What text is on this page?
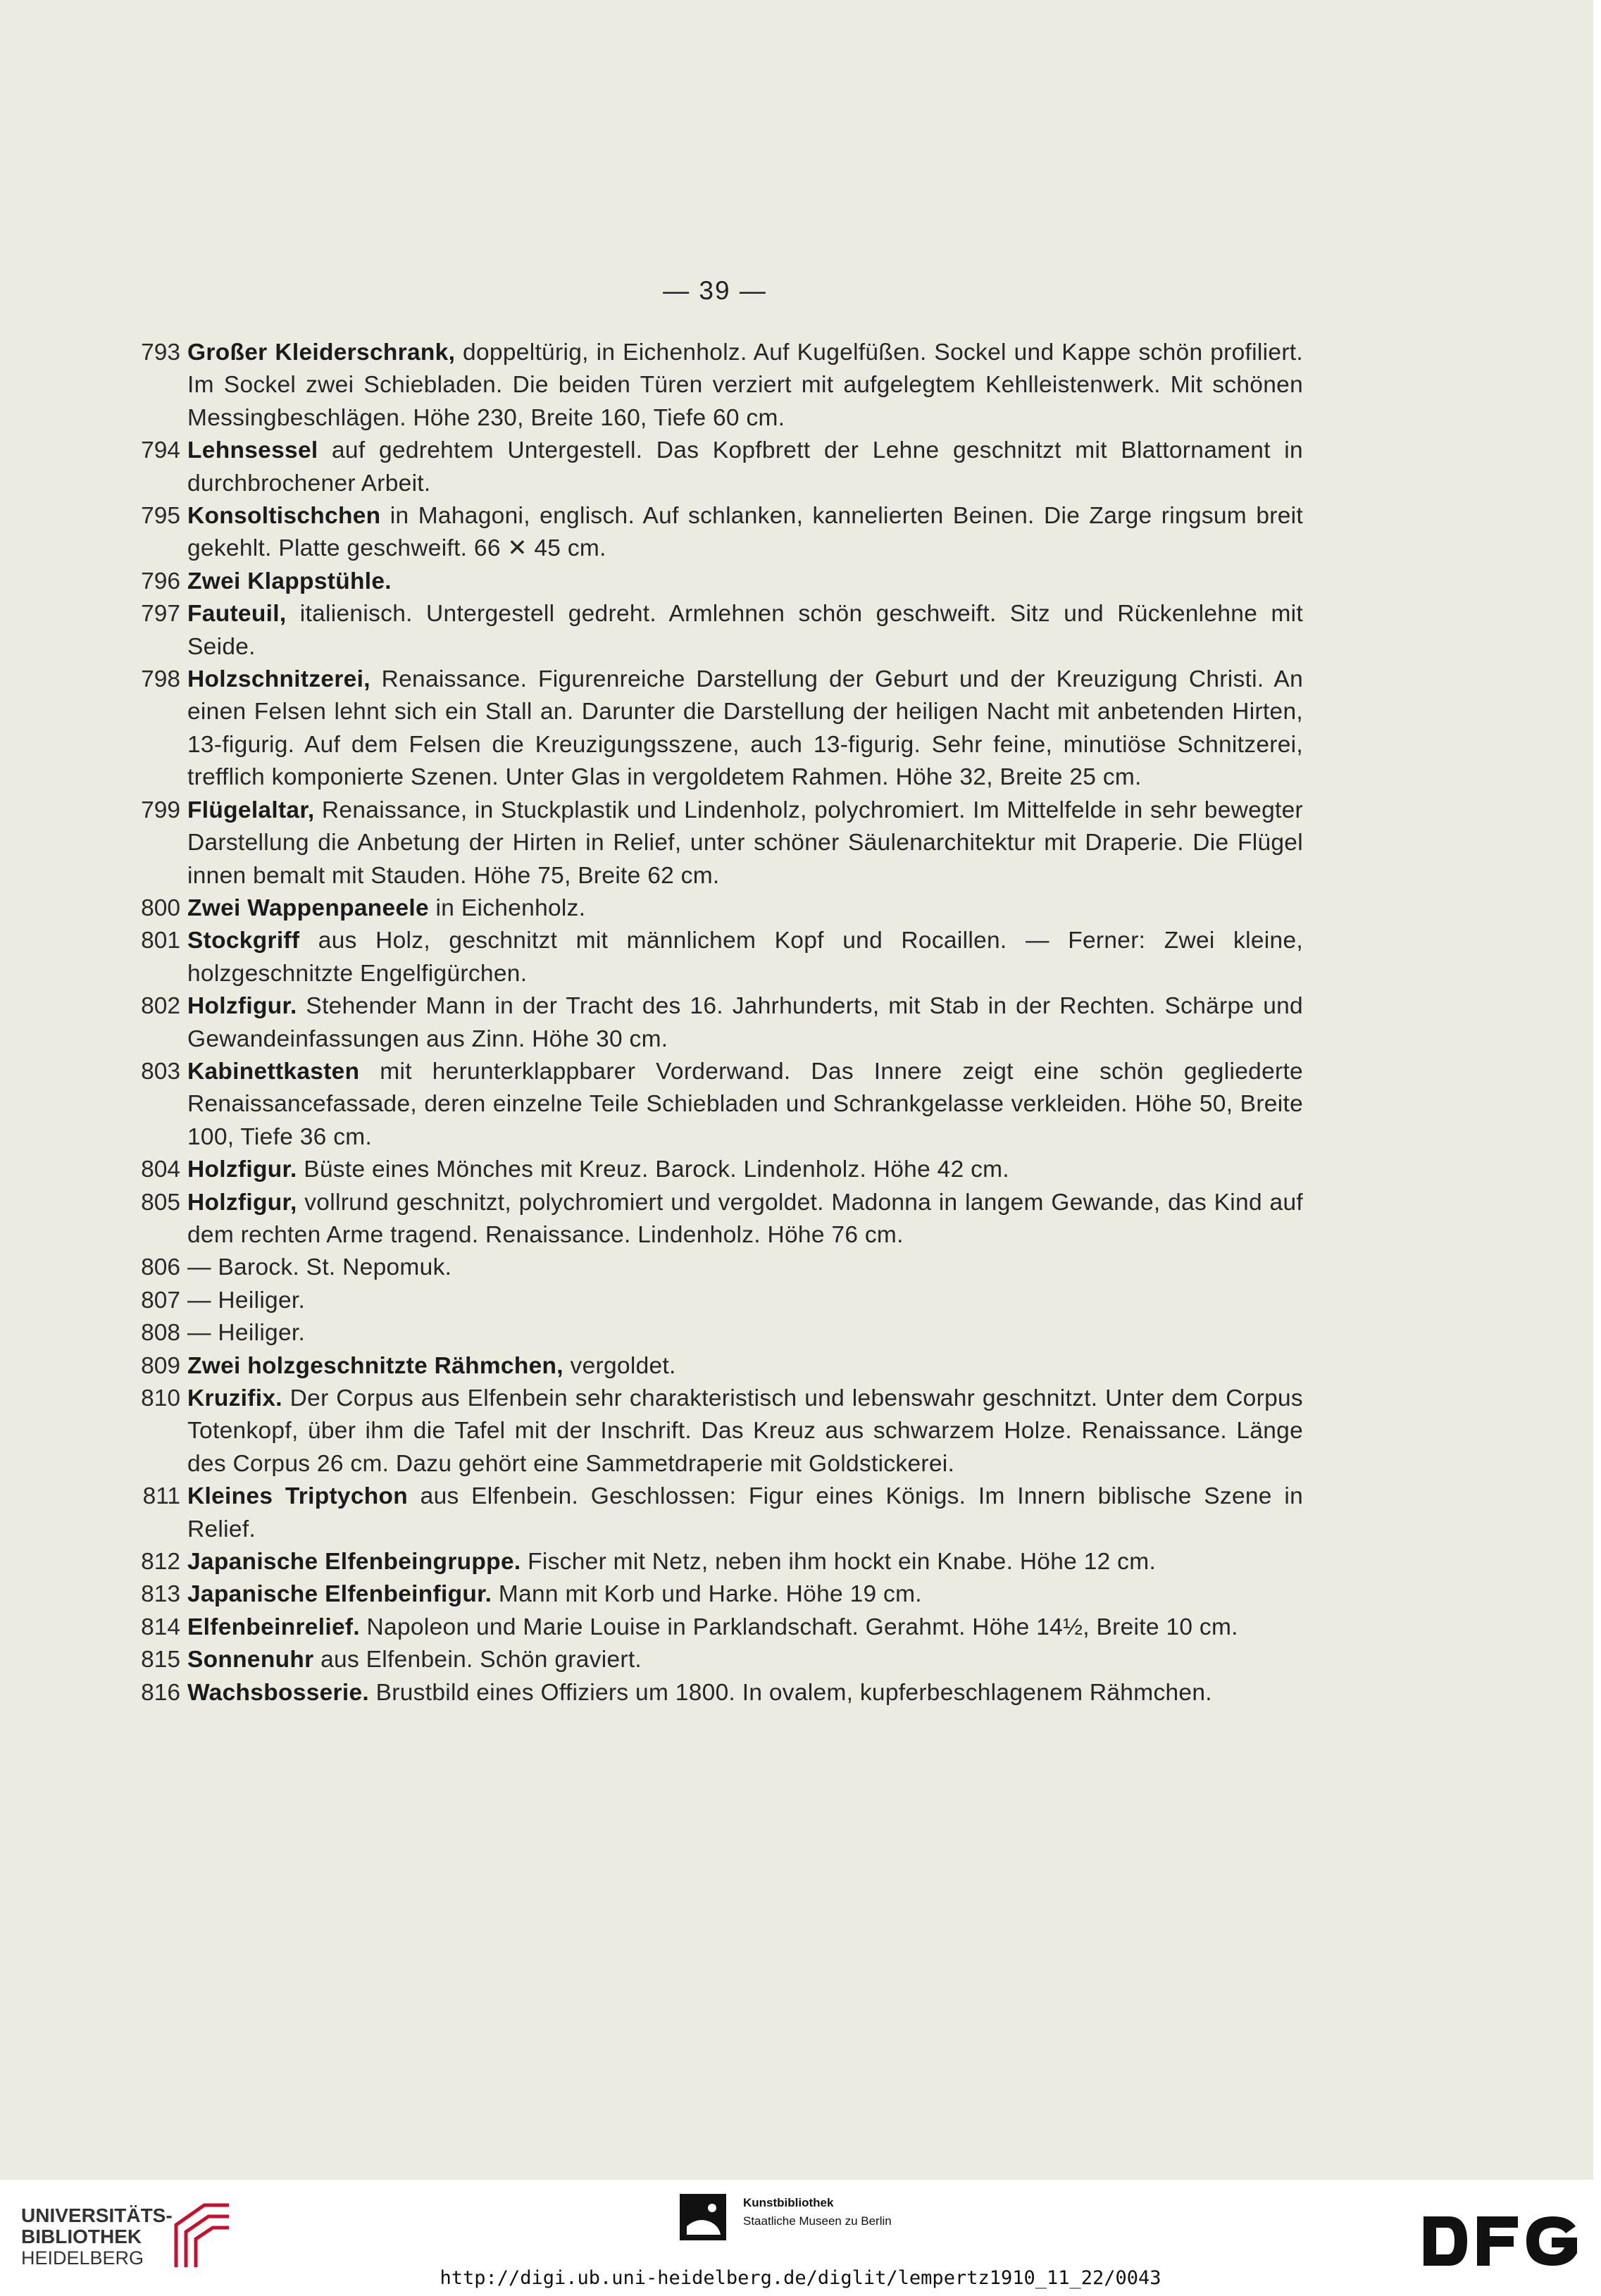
— 39 —
793 Großer Kleiderschrank, doppeltürig, in Eichenholz. Auf Kugelfüßen. Sockel und Kappe schön profiliert. Im Sockel zwei Schiebladen. Die beiden Türen verziert mit aufgelegtem Kehlleistenwerk. Mit schönen Messingbeschlägen. Höhe 230, Breite 160, Tiefe 60 cm.
794 Lehnsessel auf gedrehtem Untergestell. Das Kopfbrett der Lehne geschnitzt mit Blattornament in durchbrochener Arbeit.
795 Konsoltischchen in Mahagoni, englisch. Auf schlanken, kannelierten Beinen. Die Zarge ringsum breit gekehlt. Platte geschweift. 66 ✕ 45 cm.
796 Zwei Klappstühle.
797 Fauteuil, italienisch. Untergestell gedreht. Armlehnen schön geschweift. Sitz und Rückenlehne mit Seide.
798 Holzschnitzerei, Renaissance. Figurenreiche Darstellung der Geburt und der Kreuzigung Christi. An einen Felsen lehnt sich ein Stall an. Darunter die Darstellung der heiligen Nacht mit anbetenden Hirten, 13-figurig. Auf dem Felsen die Kreuzigungsszene, auch 13-figurig. Sehr feine, minutiöse Schnitzerei, trefflich komponierte Szenen. Unter Glas in vergoldetem Rahmen. Höhe 32, Breite 25 cm.
799 Flügelaltar, Renaissance, in Stuckplastik und Lindenholz, polychromiert. Im Mittelfelde in sehr bewegter Darstellung die Anbetung der Hirten in Relief, unter schöner Säulenarchitektur mit Draperie. Die Flügel innen bemalt mit Stauden. Höhe 75, Breite 62 cm.
800 Zwei Wappenpaneele in Eichenholz.
801 Stockgriff aus Holz, geschnitzt mit männlichem Kopf und Rocaillen. — Ferner: Zwei kleine, holzgeschnitzte Engelfigürchen.
802 Holzfigur. Stehender Mann in der Tracht des 16. Jahrhunderts, mit Stab in der Rechten. Schärpe und Gewandeinfassungen aus Zinn. Höhe 30 cm.
803 Kabinettkasten mit herunterklappbarer Vorderwand. Das Innere zeigt eine schön gegliederte Renaissancefassade, deren einzelne Teile Schiebladen und Schrankgelasse verkleiden. Höhe 50, Breite 100, Tiefe 36 cm.
804 Holzfigur. Büste eines Mönches mit Kreuz. Barock. Lindenholz. Höhe 42 cm.
805 Holzfigur, vollrund geschnitzt, polychromiert und vergoldet. Madonna in langem Gewande, das Kind auf dem rechten Arme tragend. Renaissance. Lindenholz. Höhe 76 cm.
806 — Barock. St. Nepomuk.
807 — Heiliger.
808 — Heiliger.
809 Zwei holzgeschnitzte Rähmchen, vergoldet.
810 Kruzifix. Der Corpus aus Elfenbein sehr charakteristisch und lebenswahr geschnitzt. Unter dem Corpus Totenkopf, über ihm die Tafel mit der Inschrift. Das Kreuz aus schwarzem Holze. Renaissance. Länge des Corpus 26 cm. Dazu gehört eine Sammetdraperie mit Goldstickerei.
811 Kleines Triptychon aus Elfenbein. Geschlossen: Figur eines Königs. Im Innern biblische Szene in Relief.
812 Japanische Elfenbeingruppe. Fischer mit Netz, neben ihm hockt ein Knabe. Höhe 12 cm.
813 Japanische Elfenbeinfigur. Mann mit Korb und Harke. Höhe 19 cm.
814 Elfenbeinrelief. Napoleon und Marie Louise in Parklandschaft. Gerahmt. Höhe 14½, Breite 10 cm.
815 Sonnenuhr aus Elfenbein. Schön graviert.
816 Wachsbosserie. Brustbild eines Offiziers um 1800. In ovalem, kupferbeschlagenem Rähmchen.
UNIVERSITÄTS-
BIBLIOTHEK
HEIDELBERG
Kunstbibliothek
Staatliche Museen zu Berlin
http://digi.ub.uni-heidelberg.de/diglit/lempertz1910_11_22/0043
